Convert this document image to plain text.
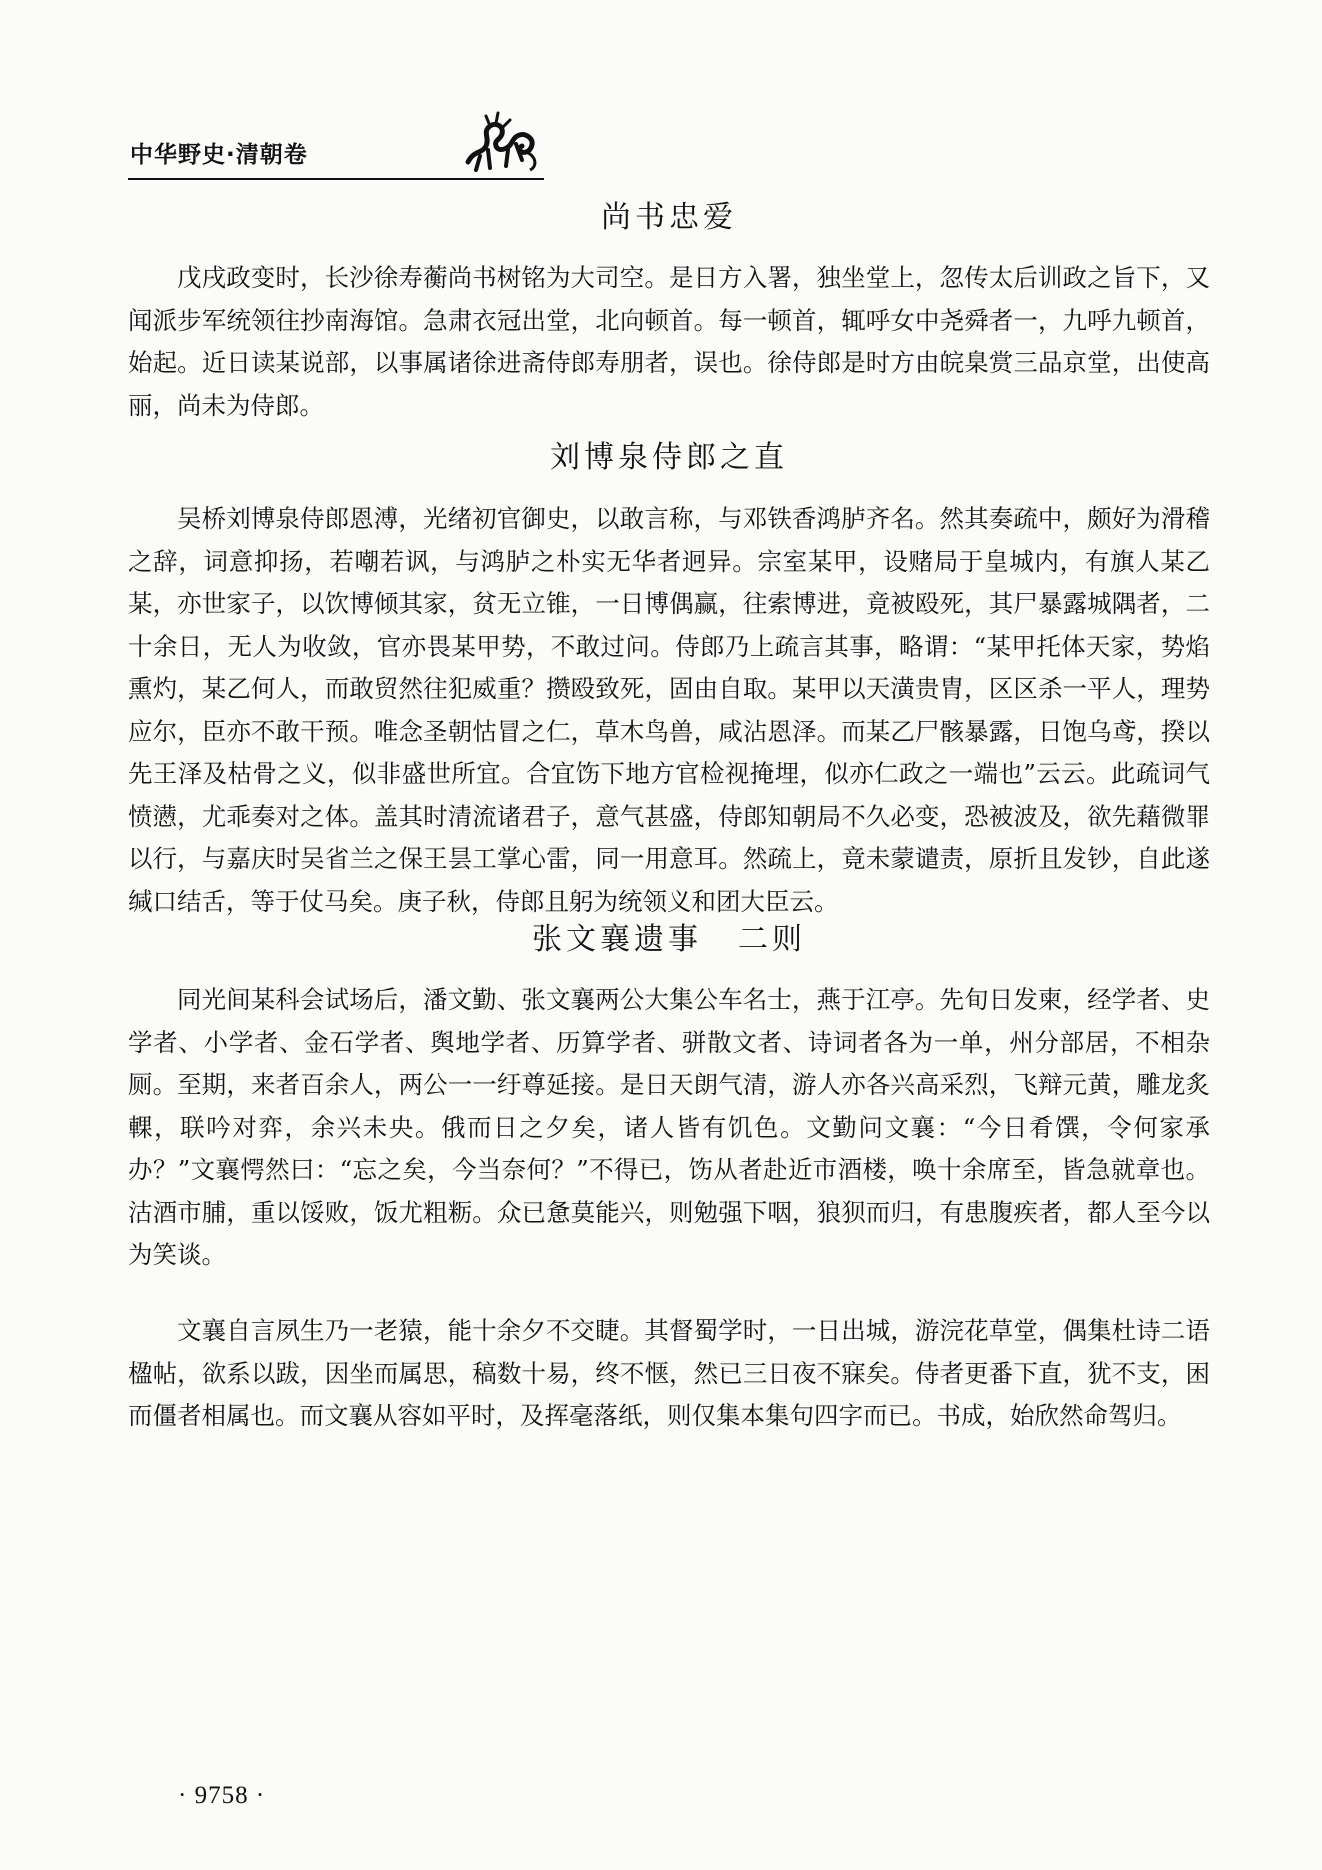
中华野史·清朝卷
尚书忠爱

戊戌政变时，长沙徐寿蘅尚书树铭为大司空。是日方入署，独坐堂上，忽传太后训政之旨下，又闻派步军统领往抄南海馆。急肃衣冠出堂，北向顿首。每一顿首，辄呼女中尧舜者一，九呼九顿首，始起。近日读某说部，以事属诸徐进斋侍郎寿朋者，误也。徐侍郎是时方由皖臬赏三品京堂，出使高丽，尚未为侍郎。

刘博泉侍郎之直

吴桥刘博泉侍郎恩溥，光绪初官御史，以敢言称，与邓铁香鸿胪齐名。然其奏疏中，颇好为滑稽之辞，词意抑扬，若嘲若讽，与鸿胪之朴实无华者迥异。宗室某甲，设赌局于皇城内，有旗人某乙某，亦世家子，以饮博倾其家，贫无立锥，一日博偶赢，往索博进，竟被殴死，其尸暴露城隅者，二十余日，无人为收敛，官亦畏某甲势，不敢过问。侍郎乃上疏言其事，略谓：“某甲托体天家，势焰熏灼，某乙何人，而敢贸然往犯威重？攒殴致死，固由自取。某甲以天潢贵胄，区区杀一平人，理势应尔，臣亦不敢干预。唯念圣朝怙冒之仁，草木鸟兽，咸沾恩泽。而某乙尸骸暴露，日饱乌鸢，揆以先王泽及枯骨之义，似非盛世所宜。合宜饬下地方官检视掩埋，似亦仁政之一端也”云云。此疏词气愤懑，尤乖奏对之体。盖其时清流诸君子，意气甚盛，侍郎知朝局不久必变，恐被波及，欲先藉微罪以行，与嘉庆时吴省兰之保王昙工掌心雷，同一用意耳。然疏上，竟未蒙谴责，原折且发钞，自此遂缄口结舌，等于仗马矣。庚子秋，侍郎且躬为统领义和团大臣云。

张文襄遗事 二则

同光间某科会试场后，潘文勤、张文襄两公大集公车名士，燕于江亭。先旬日发柬，经学者、史学者、小学者、金石学者、舆地学者、历算学者、骈散文者、诗词者各为一单，州分部居，不相杂厕。至期，来者百余人，两公一一纡尊延接。是日天朗气清，游人亦各兴高采烈，飞辩元黄，雕龙炙輠，联吟对弈，余兴未央。俄而日之夕矣，诸人皆有饥色。文勤问文襄：“今日肴馔，令何家承办？”文襄愕然曰：“忘之矣，今当奈何？”不得已，饬从者赴近市酒楼，唤十余席至，皆急就章也。沽酒市脯，重以馁败，饭尤粗粝。众已惫莫能兴，则勉强下咽，狼狈而归，有患腹疾者，都人至今以为笑谈。

文襄自言夙生乃一老猿，能十余夕不交睫。其督蜀学时，一日出城，游浣花草堂，偶集杜诗二语楹帖，欲系以跋，因坐而属思，稿数十易，终不惬，然已三日夜不寐矣。侍者更番下直，犹不支，困而僵者相属也。而文襄从容如平时，及挥毫落纸，则仅集本集句四字而已。书成，始欣然命驾归。

· 9758 ·
